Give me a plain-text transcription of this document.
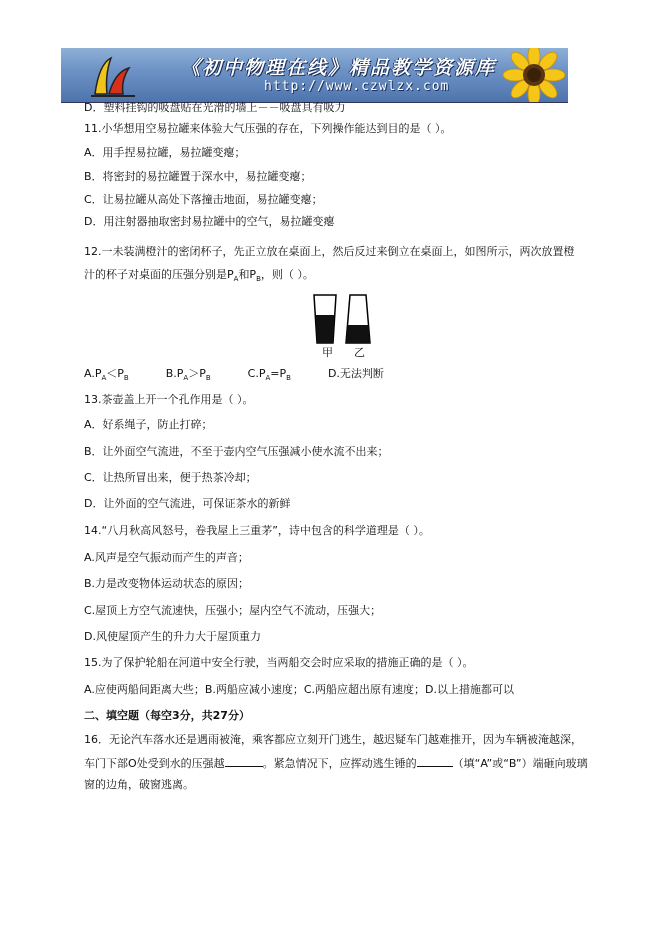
《初中物理在线》精品教学资源库
http://www.czwlzx.com
D．塑料挂钩的吸盘贴在光滑的墙上－－吸盘具有吸力
11.小华想用空易拉罐来体验大气压强的存在，下列操作能达到目的是（ ）。
A．用手捏易拉罐，易拉罐变瘪；
B．将密封的易拉罐置于深水中，易拉罐变瘪；
C．让易拉罐从高处下落撞击地面，易拉罐变瘪；
D．用注射器抽取密封易拉罐中的空气，易拉罐变瘪
12.一未装满橙汁的密闭杯子，先正立放在桌面上，然后反过来倒立在桌面上，如图所示，两次放置橙
汁的杯子对桌面的压强分别是$P_A$和$P_B$，则（ ）。
甲 乙
$A.P_A<P_B$	$B.P_A>P_B$	$C.P_A=P_B$	D.无法判断
13.茶壶盖上开一个孔作用是（ ）。
A．好系绳子，防止打碎；
B．让外面空气流进，不至于壶内空气压强减小使水流不出来；
C．让热所冒出来，便于热茶冷却；
D．让外面的空气流进，可保证茶水的新鲜
14.“八月秋高风怒号，卷我屋上三重茅”，诗中包含的科学道理是（ ）。
A.风声是空气振动而产生的声音；
B.力是改变物体运动状态的原因；
C.屋顶上方空气流速快，压强小；屋内空气不流动，压强大；
D.风使屋顶产生的升力大于屋顶重力
15.为了保护轮船在河道中安全行驶，当两船交会时应采取的措施正确的是（ ）。
A.应使两船间距离大些；B.两船应减小速度；C.两船应超出原有速度；D.以上措施都可以
二、填空题（每空3分，共27分）
16．无论汽车落水还是遇雨被淹，乘客都应立刻开门逃生，越迟疑车门越难推开，因为车辆被淹越深，
车门下部O处受到水的压强越	。紧急情况下，应挥动逃生锤的	（填“A”或“B”）端砸向玻璃
窗的边角，破窗逃离。
